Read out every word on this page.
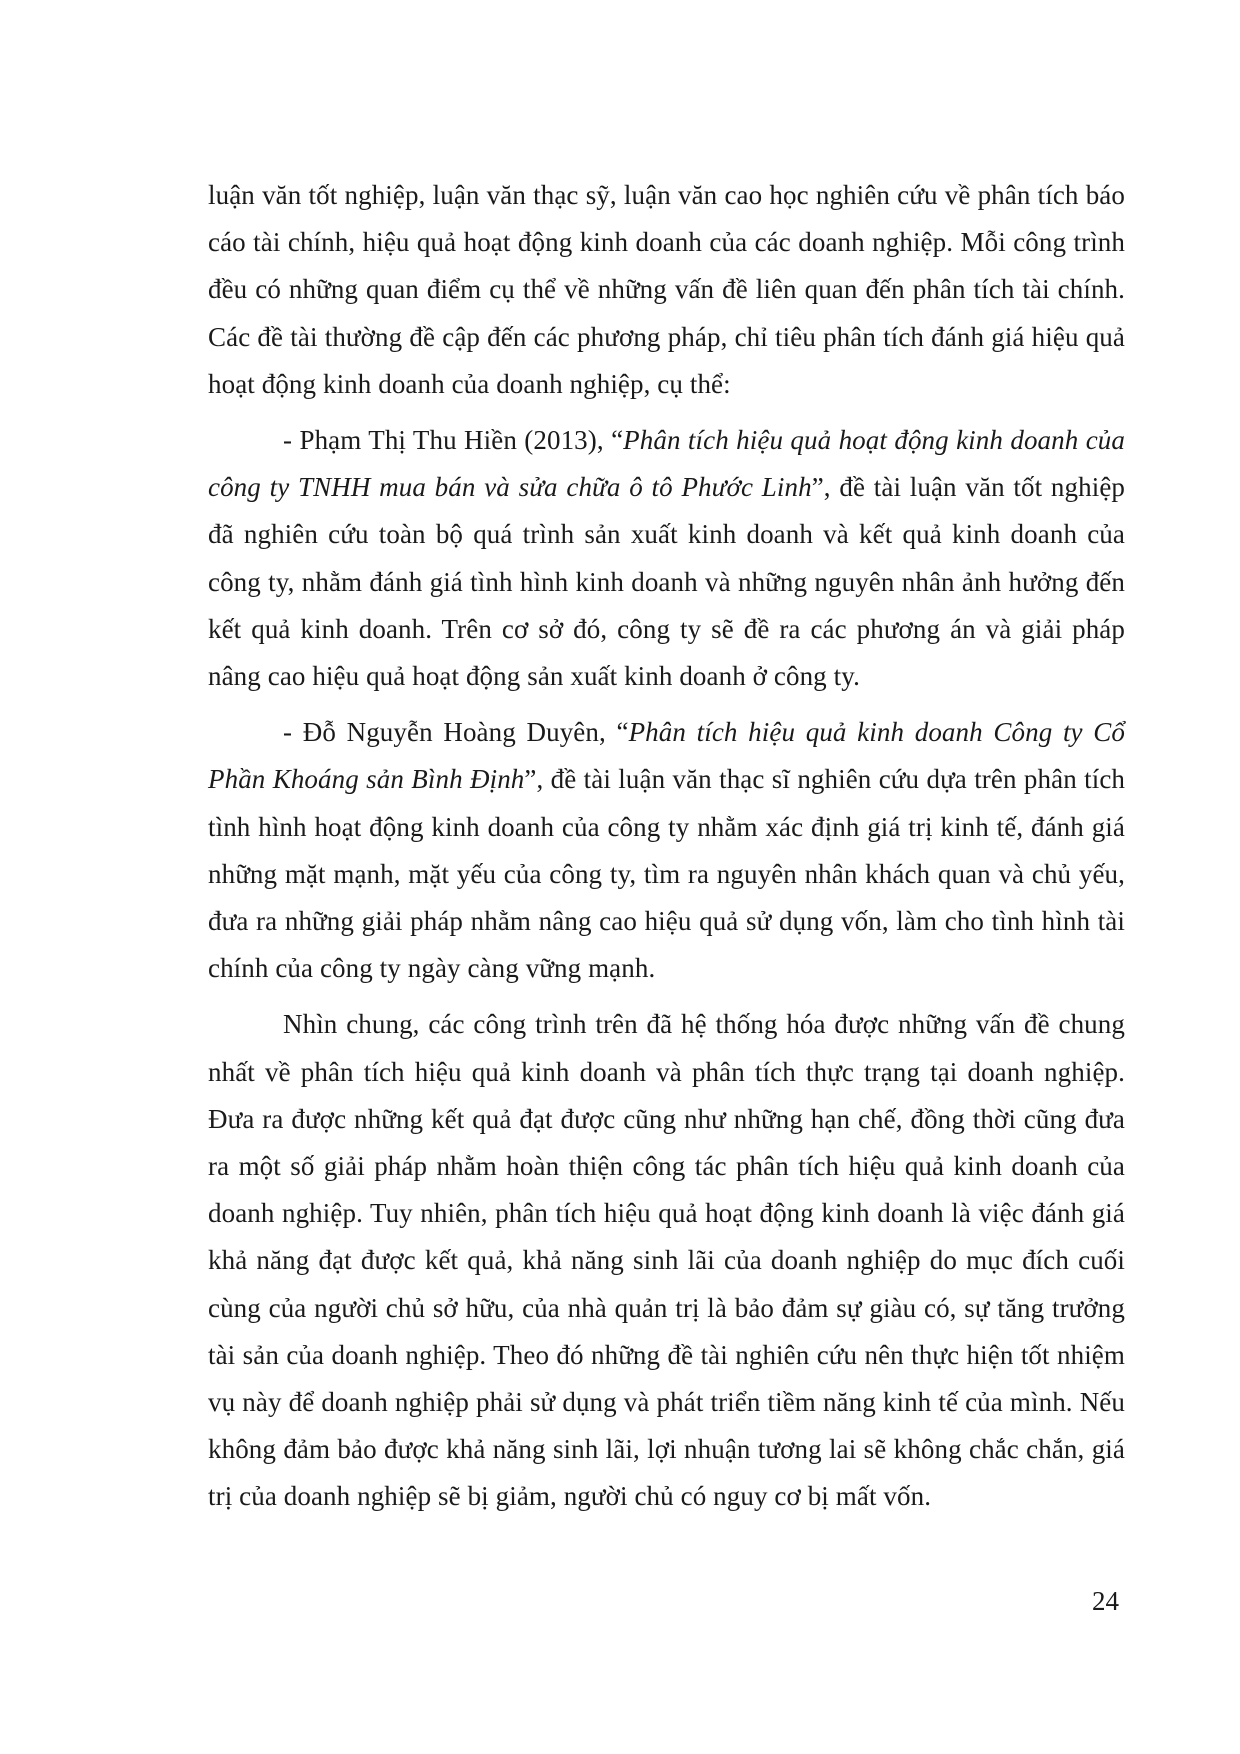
luận văn tốt nghiệp, luận văn thạc sỹ, luận văn cao học nghiên cứu về phân tích báo cáo tài chính, hiệu quả hoạt động kinh doanh của các doanh nghiệp. Mỗi công trình đều có những quan điểm cụ thể về những vấn đề liên quan đến phân tích tài chính. Các đề tài thường đề cập đến các phương pháp, chỉ tiêu phân tích đánh giá hiệu quả hoạt động kinh doanh của doanh nghiệp, cụ thể:

- Phạm Thị Thu Hiền (2013), “Phân tích hiệu quả hoạt động kinh doanh của công ty TNHH mua bán và sửa chữa ô tô Phước Linh”, đề tài luận văn tốt nghiệp đã nghiên cứu toàn bộ quá trình sản xuất kinh doanh và kết quả kinh doanh của công ty, nhằm đánh giá tình hình kinh doanh và những nguyên nhân ảnh hưởng đến kết quả kinh doanh. Trên cơ sở đó, công ty sẽ đề ra các phương án và giải pháp nâng cao hiệu quả hoạt động sản xuất kinh doanh ở công ty.

- Đỗ Nguyễn Hoàng Duyên, “Phân tích hiệu quả kinh doanh Công ty Cổ Phần Khoáng sản Bình Định”, đề tài luận văn thạc sĩ nghiên cứu dựa trên phân tích tình hình hoạt động kinh doanh của công ty nhằm xác định giá trị kinh tế, đánh giá những mặt mạnh, mặt yếu của công ty, tìm ra nguyên nhân khách quan và chủ yếu, đưa ra những giải pháp nhằm nâng cao hiệu quả sử dụng vốn, làm cho tình hình tài chính của công ty ngày càng vững mạnh.

Nhìn chung, các công trình trên đã hệ thống hóa được những vấn đề chung nhất về phân tích hiệu quả kinh doanh và phân tích thực trạng tại doanh nghiệp. Đưa ra được những kết quả đạt được cũng như những hạn chế, đồng thời cũng đưa ra một số giải pháp nhằm hoàn thiện công tác phân tích hiệu quả kinh doanh của doanh nghiệp. Tuy nhiên, phân tích hiệu quả hoạt động kinh doanh là việc đánh giá khả năng đạt được kết quả, khả năng sinh lãi của doanh nghiệp do mục đích cuối cùng của người chủ sở hữu, của nhà quản trị là bảo đảm sự giàu có, sự tăng trưởng tài sản của doanh nghiệp. Theo đó những đề tài nghiên cứu nên thực hiện tốt nhiệm vụ này để doanh nghiệp phải sử dụng và phát triển tiềm năng kinh tế của mình. Nếu không đảm bảo được khả năng sinh lãi, lợi nhuận tương lai sẽ không chắc chắn, giá trị của doanh nghiệp sẽ bị giảm, người chủ có nguy cơ bị mất vốn.

24
